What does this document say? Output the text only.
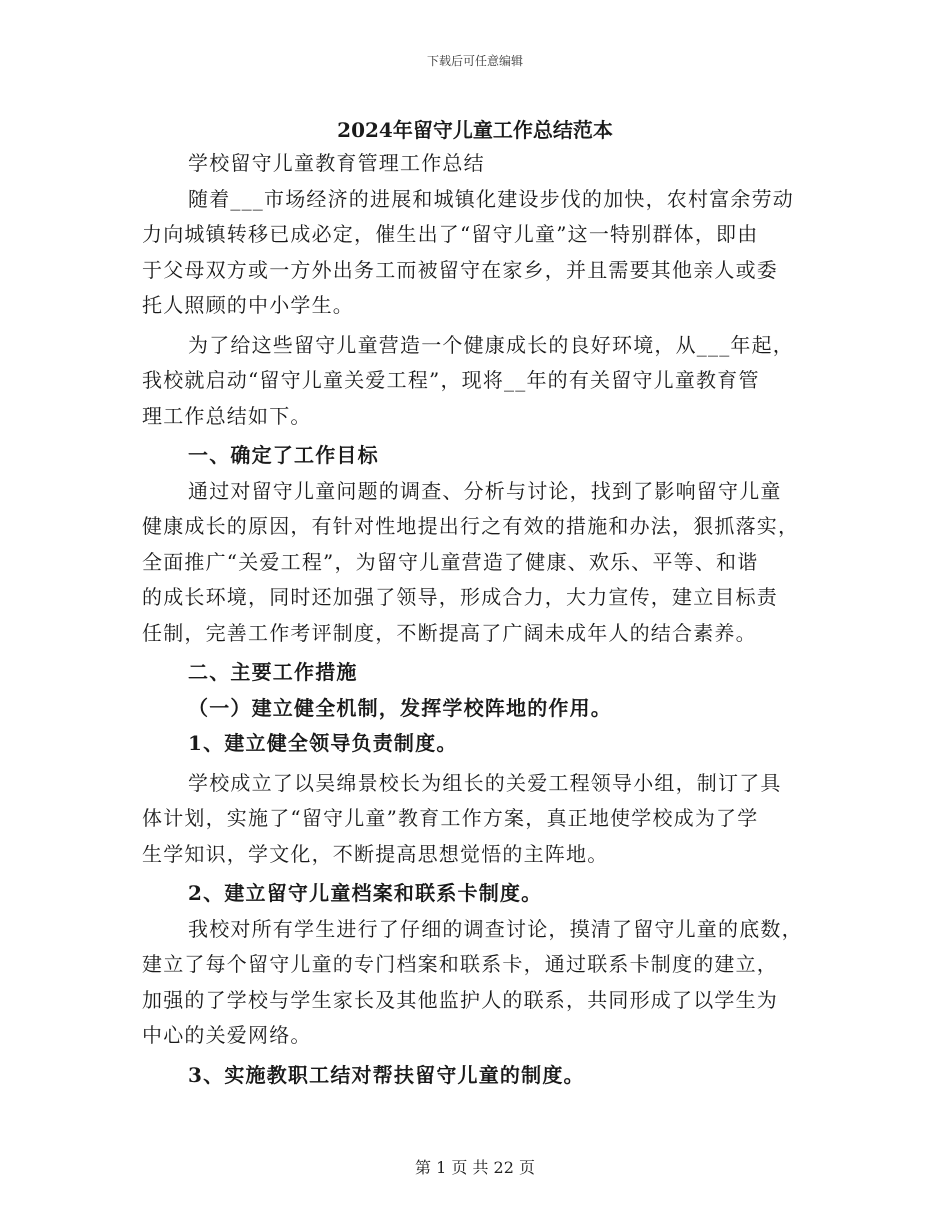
下载后可任意编辑
2024年留守儿童工作总结范本
学校留守儿童教育管理工作总结
随着___市场经济的进展和城镇化建设步伐的加快，农村富余劳动
力向城镇转移已成必定，催生出了“留守儿童”这一特别群体，即由
于父母双方或一方外出务工而被留守在家乡，并且需要其他亲人或委
托人照顾的中小学生。
为了给这些留守儿童营造一个健康成长的良好环境，从___年起，
我校就启动“留守儿童关爱工程”，现将__年的有关留守儿童教育管
理工作总结如下。
一、确定了工作目标
通过对留守儿童问题的调查、分析与讨论，找到了影响留守儿童
健康成长的原因，有针对性地提出行之有效的措施和办法，狠抓落实，
全面推广“关爱工程”，为留守儿童营造了健康、欢乐、平等、和谐
的成长环境，同时还加强了领导，形成合力，大力宣传，建立目标责
任制，完善工作考评制度，不断提高了广阔未成年人的结合素养。
二、主要工作措施
（一）建立健全机制，发挥学校阵地的作用。
1、建立健全领导负责制度。
学校成立了以吴绵景校长为组长的关爱工程领导小组，制订了具
体计划，实施了“留守儿童”教育工作方案，真正地使学校成为了学
生学知识，学文化，不断提高思想觉悟的主阵地。
2、建立留守儿童档案和联系卡制度。
我校对所有学生进行了仔细的调查讨论，摸清了留守儿童的底数，
建立了每个留守儿童的专门档案和联系卡，通过联系卡制度的建立，
加强的了学校与学生家长及其他监护人的联系，共同形成了以学生为
中心的关爱网络。
3、实施教职工结对帮扶留守儿童的制度。
第 1 页 共 22 页
